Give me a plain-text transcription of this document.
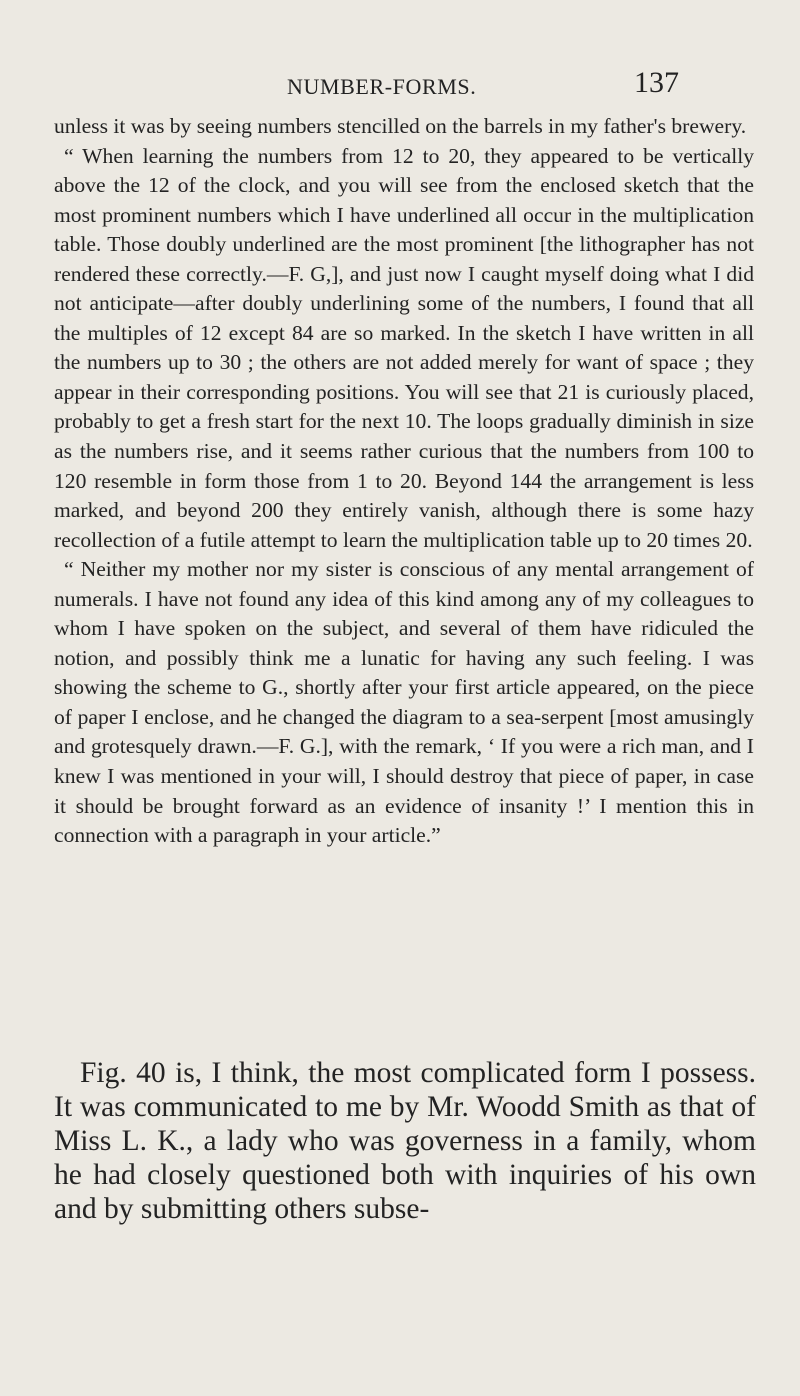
NUMBER-FORMS.	137

unless it was by seeing numbers stencilled on the barrels in my father's brewery.

“ When learning the numbers from 12 to 20, they appeared to be vertically above the 12 of the clock, and you will see from the enclosed sketch that the most prominent numbers which I have underlined all occur in the multiplication table. Those doubly underlined are the most prominent [the lithographer has not rendered these correctly.—F. G,], and just now I caught myself doing what I did not anticipate—after doubly underlining some of the numbers, I found that all the multiples of 12 except 84 are so marked. In the sketch I have written in all the numbers up to 30 ; the others are not added merely for want of space ; they appear in their corresponding positions. You will see that 21 is curiously placed, probably to get a fresh start for the next 10. The loops gradually diminish in size as the numbers rise, and it seems rather curious that the numbers from 100 to 120 resemble in form those from 1 to 20. Beyond 144 the arrangement is less marked, and beyond 200 they entirely vanish, although there is some hazy recollection of a futile attempt to learn the multiplication table up to 20 times 20.

“ Neither my mother nor my sister is conscious of any mental arrangement of numerals. I have not found any idea of this kind among any of my colleagues to whom I have spoken on the subject, and several of them have ridiculed the notion, and possibly think me a lunatic for having any such feeling. I was showing the scheme to G., shortly after your first article appeared, on the piece of paper I enclose, and he changed the diagram to a sea-serpent [most amusingly and grotesquely drawn.—F. G.], with the remark, ‘ If you were a rich man, and I knew I was mentioned in your will, I should destroy that piece of paper, in case it should be brought forward as an evidence of insanity !’ I mention this in connection with a paragraph in your article.”

Fig. 40 is, I think, the most complicated form I possess. It was communicated to me by Mr. Woodd Smith as that of Miss L. K., a lady who was governess in a family, whom he had closely questioned both with inquiries of his own and by submitting others subse-
